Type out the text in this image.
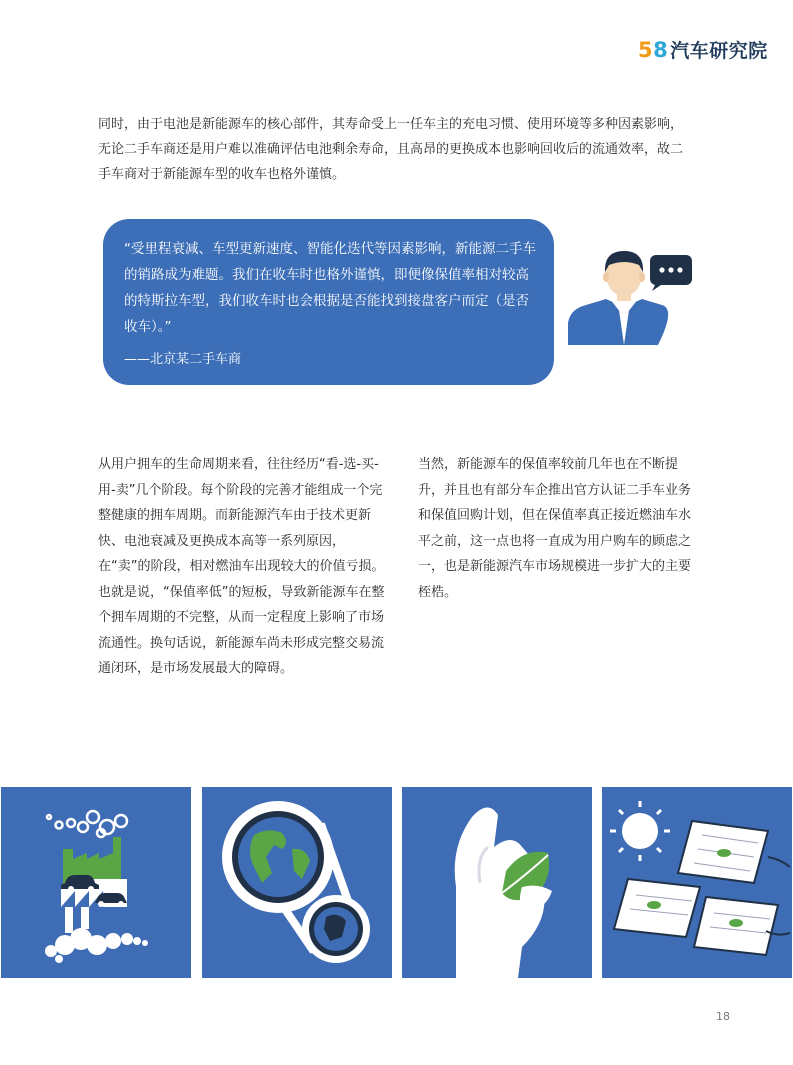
5 8 汽车研究院

同时，由于电池是新能源车的核心部件，其寿命受上一任车主的充电习惯、使用环境等多种因素影响，无论二手车商还是用户难以准确评估电池剩余寿命，且高昂的更换成本也影响回收后的流通效率，故二手车商对于新能源车型的收车也格外谨慎。

“受里程衰减、车型更新速度、智能化迭代等因素影响，新能源二手车的销路成为难题。我们在收车时也格外谨慎，即便像保值率相对较高的特斯拉车型，我们收车时也会根据是否能找到接盘客户而定（是否收车）。”

——北京某二手车商

从用户拥车的生命周期来看，往往经历“看-选-买-用-卖”几个阶段。每个阶段的完善才能组成一个完整健康的拥车周期。而新能源汽车由于技术更新快、电池衰减及更换成本高等一系列原因，在“卖”的阶段，相对燃油车出现较大的价值亏损。也就是说，“保值率低”的短板，导致新能源车在整个拥车周期的不完整，从而一定程度上影响了市场流通性。换句话说，新能源车尚未形成完整交易流通闭环，是市场发展最大的障碍。

当然，新能源车的保值率较前几年也在不断提升，并且也有部分车企推出官方认证二手车业务和保值回购计划，但在保值率真正接近燃油车水平之前，这一点也将一直成为用户购车的顾虑之一，也是新能源汽车市场规模进一步扩大的主要桎梏。

18
